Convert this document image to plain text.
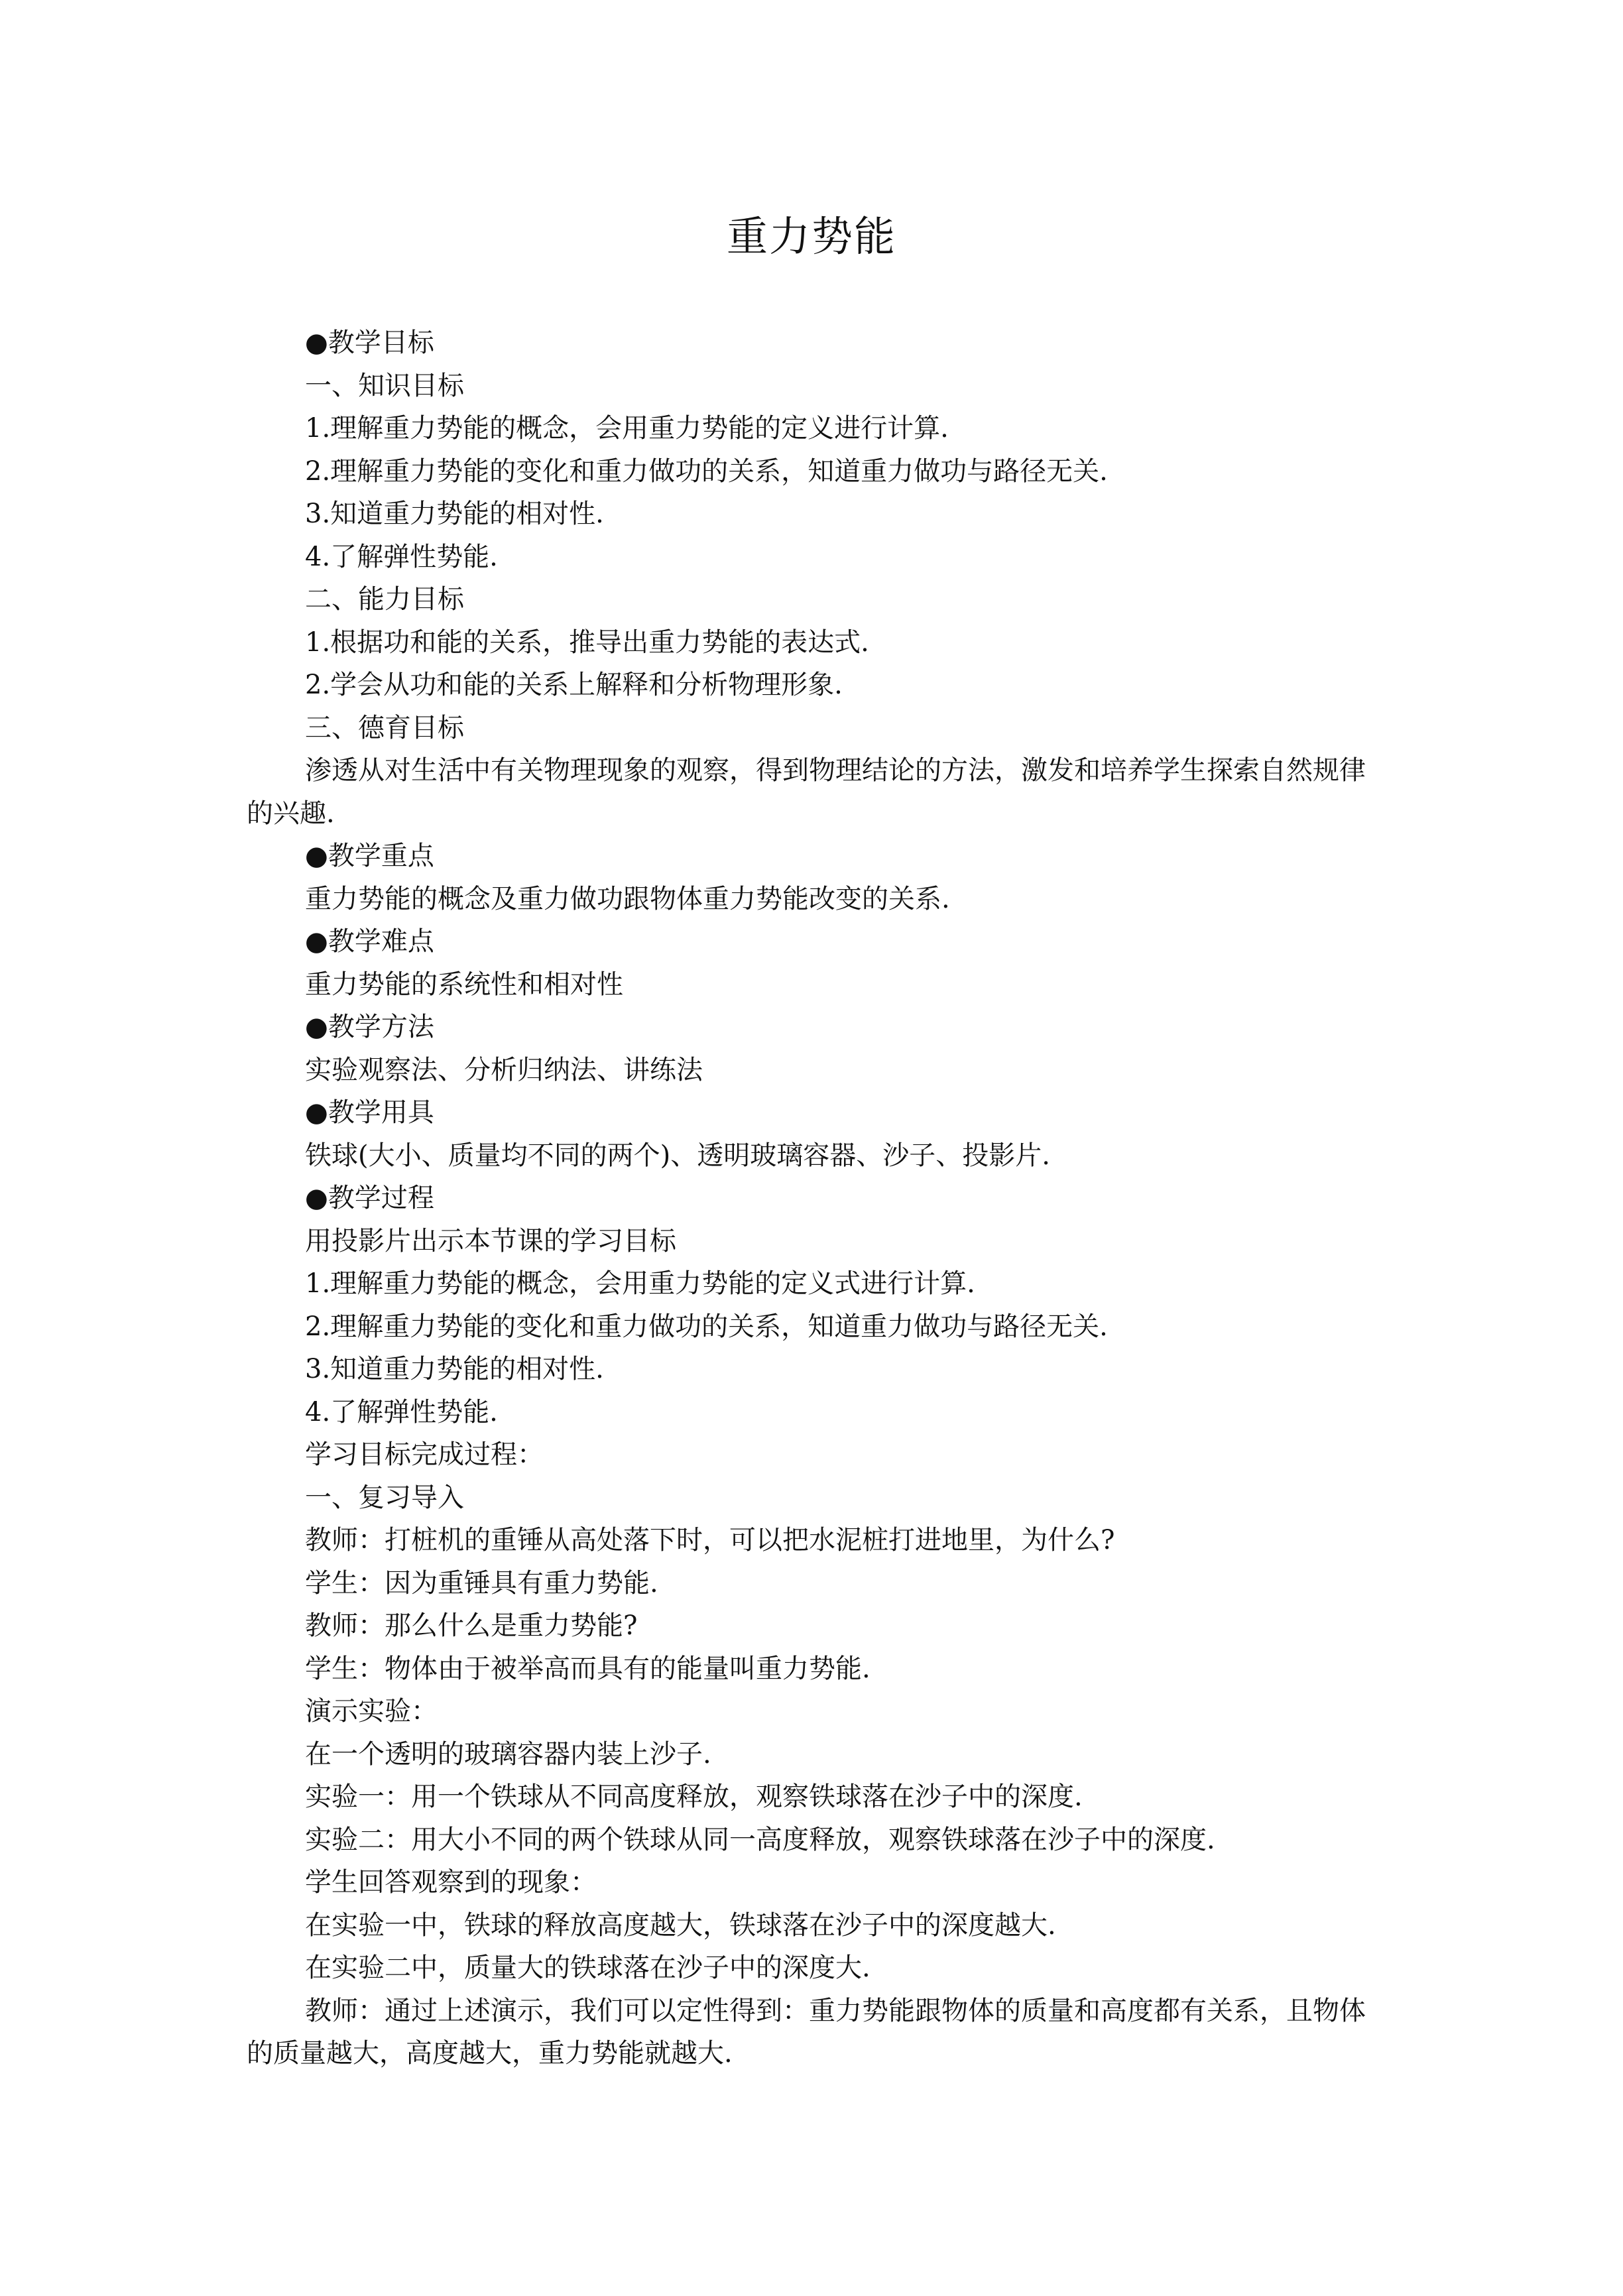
重力势能

●教学目标

一、知识目标

1.理解重力势能的概念，会用重力势能的定义进行计算.

2.理解重力势能的变化和重力做功的关系，知道重力做功与路径无关.

3.知道重力势能的相对性.

4.了解弹性势能.

二、能力目标

1.根据功和能的关系，推导出重力势能的表达式.

2.学会从功和能的关系上解释和分析物理形象.

三、德育目标

渗透从对生活中有关物理现象的观察，得到物理结论的方法，激发和培养学生探索自然规律的兴趣.

●教学重点

重力势能的概念及重力做功跟物体重力势能改变的关系.

●教学难点

重力势能的系统性和相对性

●教学方法

实验观察法、分析归纳法、讲练法

●教学用具

铁球(大小、质量均不同的两个)、透明玻璃容器、沙子、投影片.

●教学过程

用投影片出示本节课的学习目标

1.理解重力势能的概念，会用重力势能的定义式进行计算.

2.理解重力势能的变化和重力做功的关系，知道重力做功与路径无关.

3.知道重力势能的相对性.

4.了解弹性势能.

学习目标完成过程：

一、复习导入

教师：打桩机的重锤从高处落下时，可以把水泥桩打进地里，为什么?

学生：因为重锤具有重力势能.

教师：那么什么是重力势能?

学生：物体由于被举高而具有的能量叫重力势能.

演示实验：

在一个透明的玻璃容器内装上沙子.

实验一：用一个铁球从不同高度释放，观察铁球落在沙子中的深度.

实验二：用大小不同的两个铁球从同一高度释放，观察铁球落在沙子中的深度.

学生回答观察到的现象：

在实验一中，铁球的释放高度越大，铁球落在沙子中的深度越大.

在实验二中，质量大的铁球落在沙子中的深度大.

教师：通过上述演示，我们可以定性得到：重力势能跟物体的质量和高度都有关系，且物体的质量越大，高度越大，重力势能就越大.
